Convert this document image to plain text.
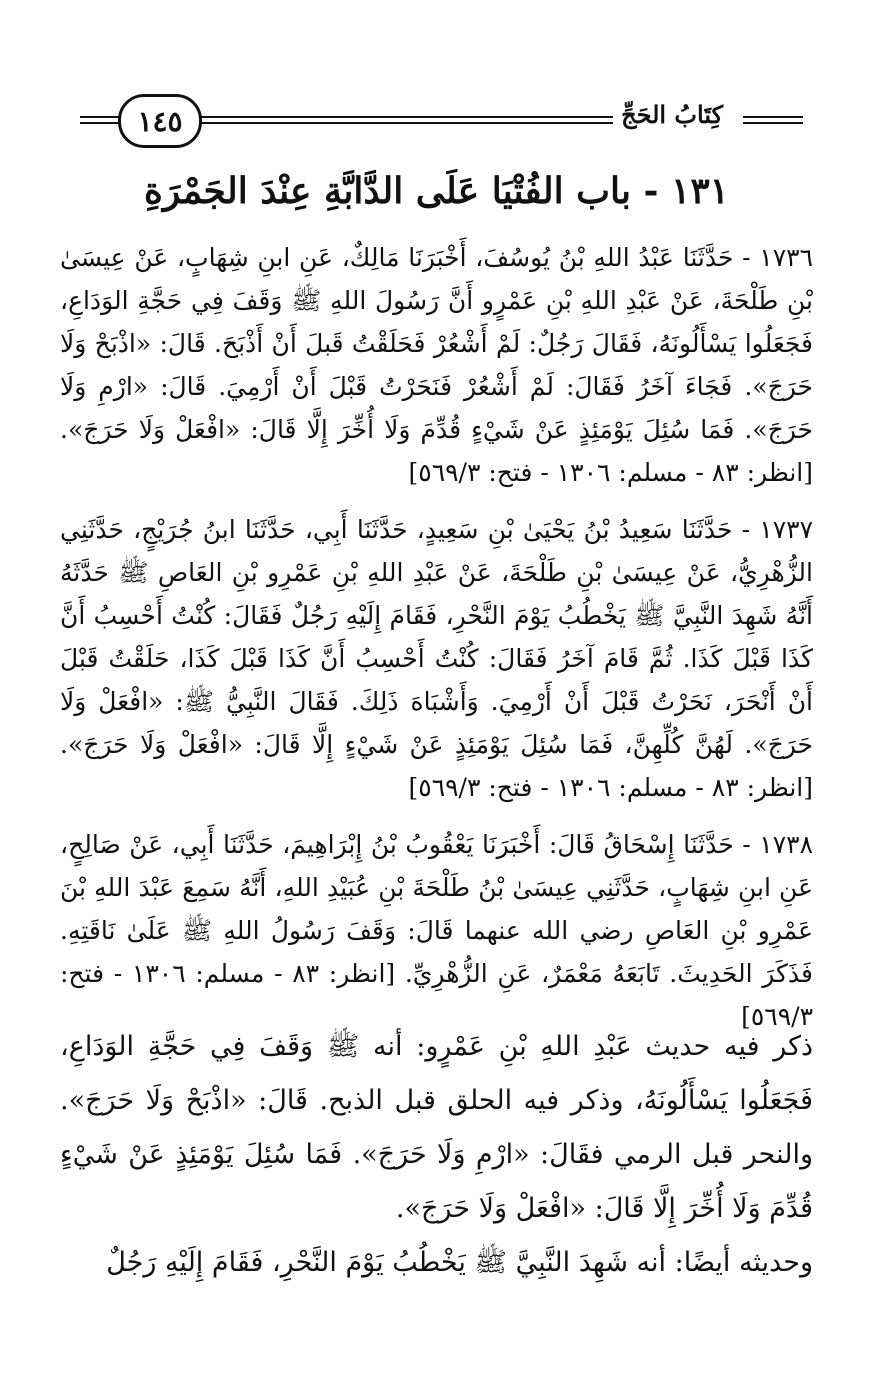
١٤٥	كِتَابُ الحَجِّ
١٣١ - باب الفُتْيَا عَلَى الدَّابَّةِ عِنْدَ الجَمْرَةِ

١٧٣٦ - حَدَّثَنَا عَبْدُ اللهِ بْنُ يُوسُفَ، أَخْبَرَنَا مَالِكٌ، عَنِ ابنِ شِهَابٍ، عَنْ عِيسَىٰ بْنِ طَلْحَةَ، عَنْ عَبْدِ اللهِ بْنِ عَمْرٍو أَنَّ رَسُولَ اللهِ ﷺ وَقَفَ فِي حَجَّةِ الوَدَاعِ، فَجَعَلُوا يَسْأَلُونَهُ، فَقَالَ رَجُلٌ: لَمْ أَشْعُرْ فَحَلَقْتُ قَبلَ أَنْ أَذْبَحَ. قَالَ: «اذْبَحْ وَلَا حَرَجَ». فَجَاءَ آخَرُ فَقَالَ: لَمْ أَشْعُرْ فَنَحَرْتُ قَبْلَ أَنْ أَرْمِيَ. قَالَ: «ارْمِ وَلَا حَرَجَ». فَمَا سُئِلَ يَوْمَئِذٍ عَنْ شَيْءٍ قُدِّمَ وَلَا أُخِّرَ إِلَّا قَالَ: «افْعَلْ وَلَا حَرَجَ». [انظر: ٨٣ - مسلم: ١٣٠٦ - فتح: ٥٦٩/٣]

١٧٣٧ - حَدَّثَنَا سَعِيدُ بْنُ يَحْيَىٰ بْنِ سَعِيدٍ، حَدَّثَنَا أَبِي، حَدَّثَنَا ابنُ جُرَيْجٍ، حَدَّثَنِي الزُّهْرِيُّ، عَنْ عِيسَىٰ بْنِ طَلْحَةَ، عَنْ عَبْدِ اللهِ بْنِ عَمْرِو بْنِ العَاصِ ﷺ حَدَّثَهُ أَنَّهُ شَهِدَ النَّبِيَّ ﷺ يَخْطُبُ يَوْمَ النَّحْرِ، فَقَامَ إِلَيْهِ رَجُلٌ فَقَالَ: كُنْتُ أَحْسِبُ أَنَّ كَذَا قَبْلَ كَذَا. ثُمَّ قَامَ آخَرُ فَقَالَ: كُنْتُ أَحْسِبُ أَنَّ كَذَا قَبْلَ كَذَا، حَلَقْتُ قَبْلَ أَنْ أَنْحَرَ، نَحَرْتُ قَبْلَ أَنْ أَرْمِيَ. وَأَشْبَاهَ ذَلِكَ. فَقَالَ النَّبِيُّ ﷺ: «افْعَلْ وَلَا حَرَجَ». لَهُنَّ كُلِّهِنَّ، فَمَا سُئِلَ يَوْمَئِذٍ عَنْ شَيْءٍ إِلَّا قَالَ: «افْعَلْ وَلَا حَرَجَ». [انظر: ٨٣ - مسلم: ١٣٠٦ - فتح: ٥٦٩/٣]

١٧٣٨ - حَدَّثَنَا إِسْحَاقُ قَالَ: أَخْبَرَنَا يَعْقُوبُ بْنُ إِبْرَاهِيمَ، حَدَّثَنَا أَبِي، عَنْ صَالِحٍ، عَنِ ابنِ شِهَابٍ، حَدَّثَنِي عِيسَىٰ بْنُ طَلْحَةَ بْنِ عُبَيْدِ اللهِ، أَنَّهُ سَمِعَ عَبْدَ اللهِ بْنَ عَمْرِو بْنِ العَاصِ رضي الله عنهما قَالَ: وَقَفَ رَسُولُ اللهِ ﷺ عَلَىٰ نَاقَتِهِ. فَذَكَرَ الحَدِيثَ. تَابَعَهُ مَعْمَرٌ، عَنِ الزُّهْرِيِّ. [انظر: ٨٣ - مسلم: ١٣٠٦ - فتح: ٥٦٩/٣]

ذكر فيه حديث عَبْدِ اللهِ بْنِ عَمْرٍو: أنه ﷺ وَقَفَ فِي حَجَّةِ الوَدَاعِ، فَجَعَلُوا يَسْأَلُونَهُ، وذكر فيه الحلق قبل الذبح. قَالَ: «اذْبَحْ وَلَا حَرَجَ». والنحر قبل الرمي فقَالَ: «ارْمِ وَلَا حَرَجَ». فَمَا سُئِلَ يَوْمَئِذٍ عَنْ شَيْءٍ قُدِّمَ وَلَا أُخِّرَ إِلَّا قَالَ: «افْعَلْ وَلَا حَرَجَ».

وحديثه أيضًا: أنه شَهِدَ النَّبِيَّ ﷺ يَخْطُبُ يَوْمَ النَّحْرِ، فَقَامَ إِلَيْهِ رَجُلٌ
